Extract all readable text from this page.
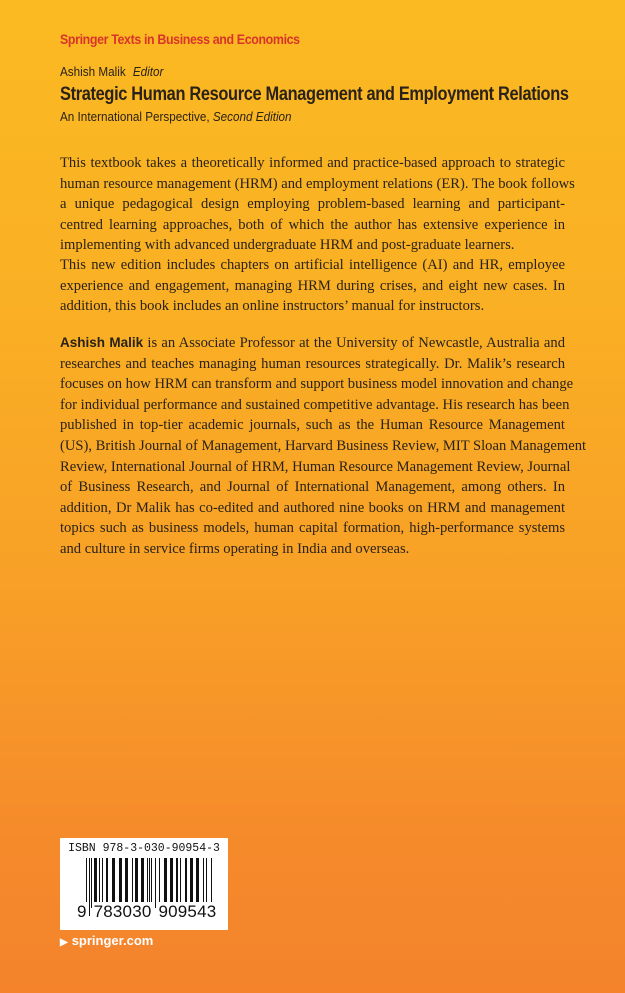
Springer Texts in Business and Economics
Ashish Malik Editor
Strategic Human Resource Management and Employment Relations
An International Perspective, Second Edition
This textbook takes a theoretically informed and practice-based approach to strategic
human resource management (HRM) and employment relations (ER). The book follows
a unique pedagogical design employing problem-based learning and participant-
centred learning approaches, both of which the author has extensive experience in
implementing with advanced undergraduate HRM and post-graduate learners.
This new edition includes chapters on artificial intelligence (AI) and HR, employee
experience and engagement, managing HRM during crises, and eight new cases. In
addition, this book includes an online instructors’ manual for instructors.
Ashish Malik is an Associate Professor at the University of Newcastle, Australia and
researches and teaches managing human resources strategically. Dr. Malik’s research
focuses on how HRM can transform and support business model innovation and change
for individual performance and sustained competitive advantage. His research has been
published in top-tier academic journals, such as the Human Resource Management
(US), British Journal of Management, Harvard Business Review, MIT Sloan Management
Review, International Journal of HRM, Human Resource Management Review, Journal
of Business Research, and Journal of International Management, among others. In
addition, Dr Malik has co-edited and authored nine books on HRM and management
topics such as business models, human capital formation, high-performance systems
and culture in service firms operating in India and overseas.
ISBN 978-3-030-90954-3
9 783030 909543
▶ springer.com
